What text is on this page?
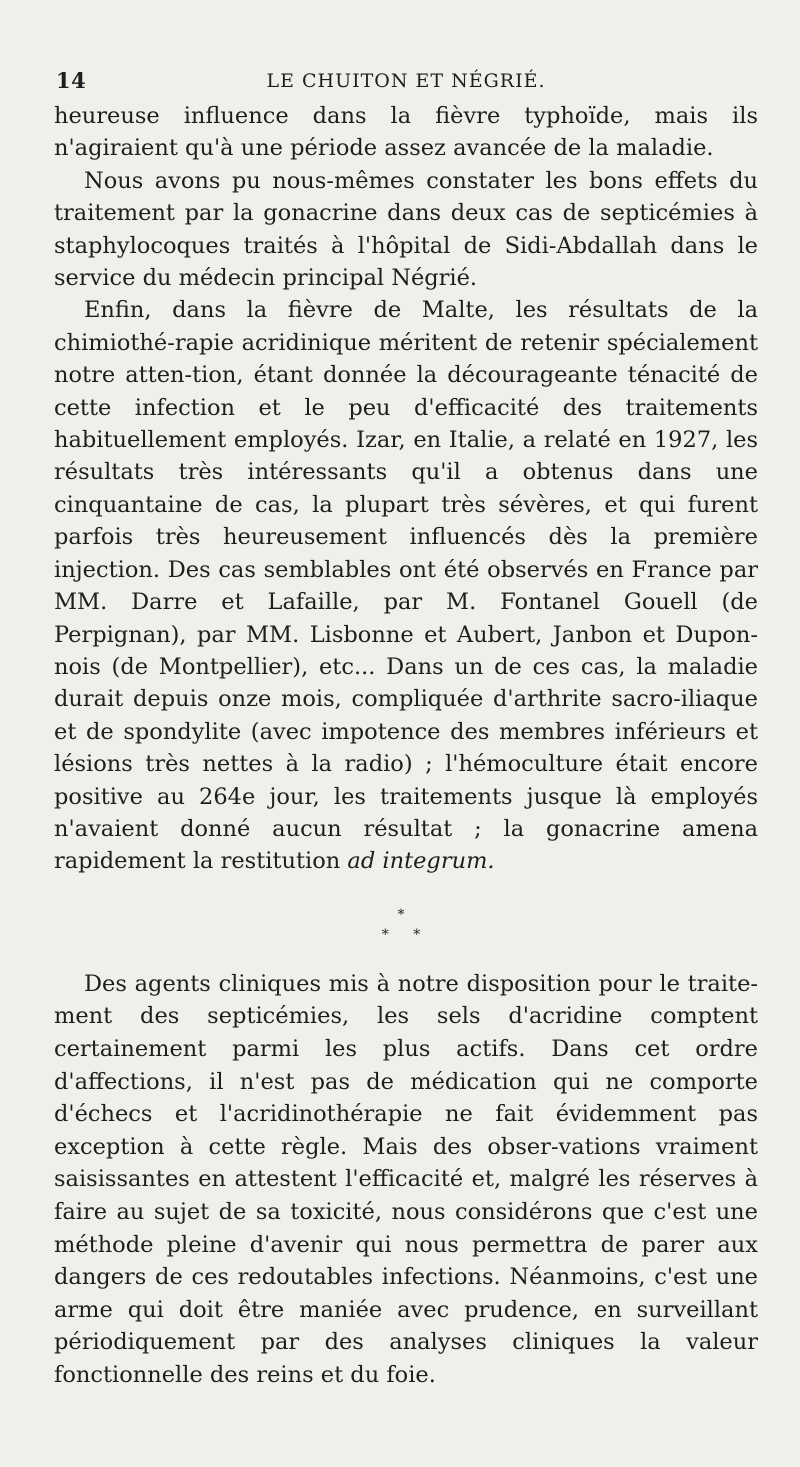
14	LE CHUITON ET NÉGRIÉ.

heureuse influence dans la fièvre typhoïde, mais ils n'agiraient qu'à une période assez avancée de la maladie.

Nous avons pu nous-mêmes constater les bons effets du traitement par la gonacrine dans deux cas de septicémies à staphylocoques traités à l'hôpital de Sidi-Abdallah dans le service du médecin principal Négrié.

Enfin, dans la fièvre de Malte, les résultats de la chimiothé-rapie acridinique méritent de retenir spécialement notre atten-tion, étant donnée la décourageante ténacité de cette infection et le peu d'efficacité des traitements habituellement employés. Izar, en Italie, a relaté en 1927, les résultats très intéressants qu'il a obtenus dans une cinquantaine de cas, la plupart très sévères, et qui furent parfois très heureusement influencés dès la première injection. Des cas semblables ont été observés en France par MM. Darre et Lafaille, par M. Fontanel Gouell (de Perpignan), par MM. Lisbonne et Aubert, Janbon et Dupon-nois (de Montpellier), etc... Dans un de ces cas, la maladie durait depuis onze mois, compliquée d'arthrite sacro-iliaque et de spondylite (avec impotence des membres inférieurs et lésions très nettes à la radio) ; l'hémoculture était encore positive au 264e jour, les traitements jusque là employés n'avaient donné aucun résultat ; la gonacrine amena rapidement la restitution ad integrum.

*
* *

Des agents cliniques mis à notre disposition pour le traite-ment des septicémies, les sels d'acridine comptent certainement parmi les plus actifs. Dans cet ordre d'affections, il n'est pas de médication qui ne comporte d'échecs et l'acridinothérapie ne fait évidemment pas exception à cette règle. Mais des obser-vations vraiment saisissantes en attestent l'efficacité et, malgré les réserves à faire au sujet de sa toxicité, nous considérons que c'est une méthode pleine d'avenir qui nous permettra de parer aux dangers de ces redoutables infections. Néanmoins, c'est une arme qui doit être maniée avec prudence, en surveillant périodiquement par des analyses cliniques la valeur fonctionnelle des reins et du foie.
